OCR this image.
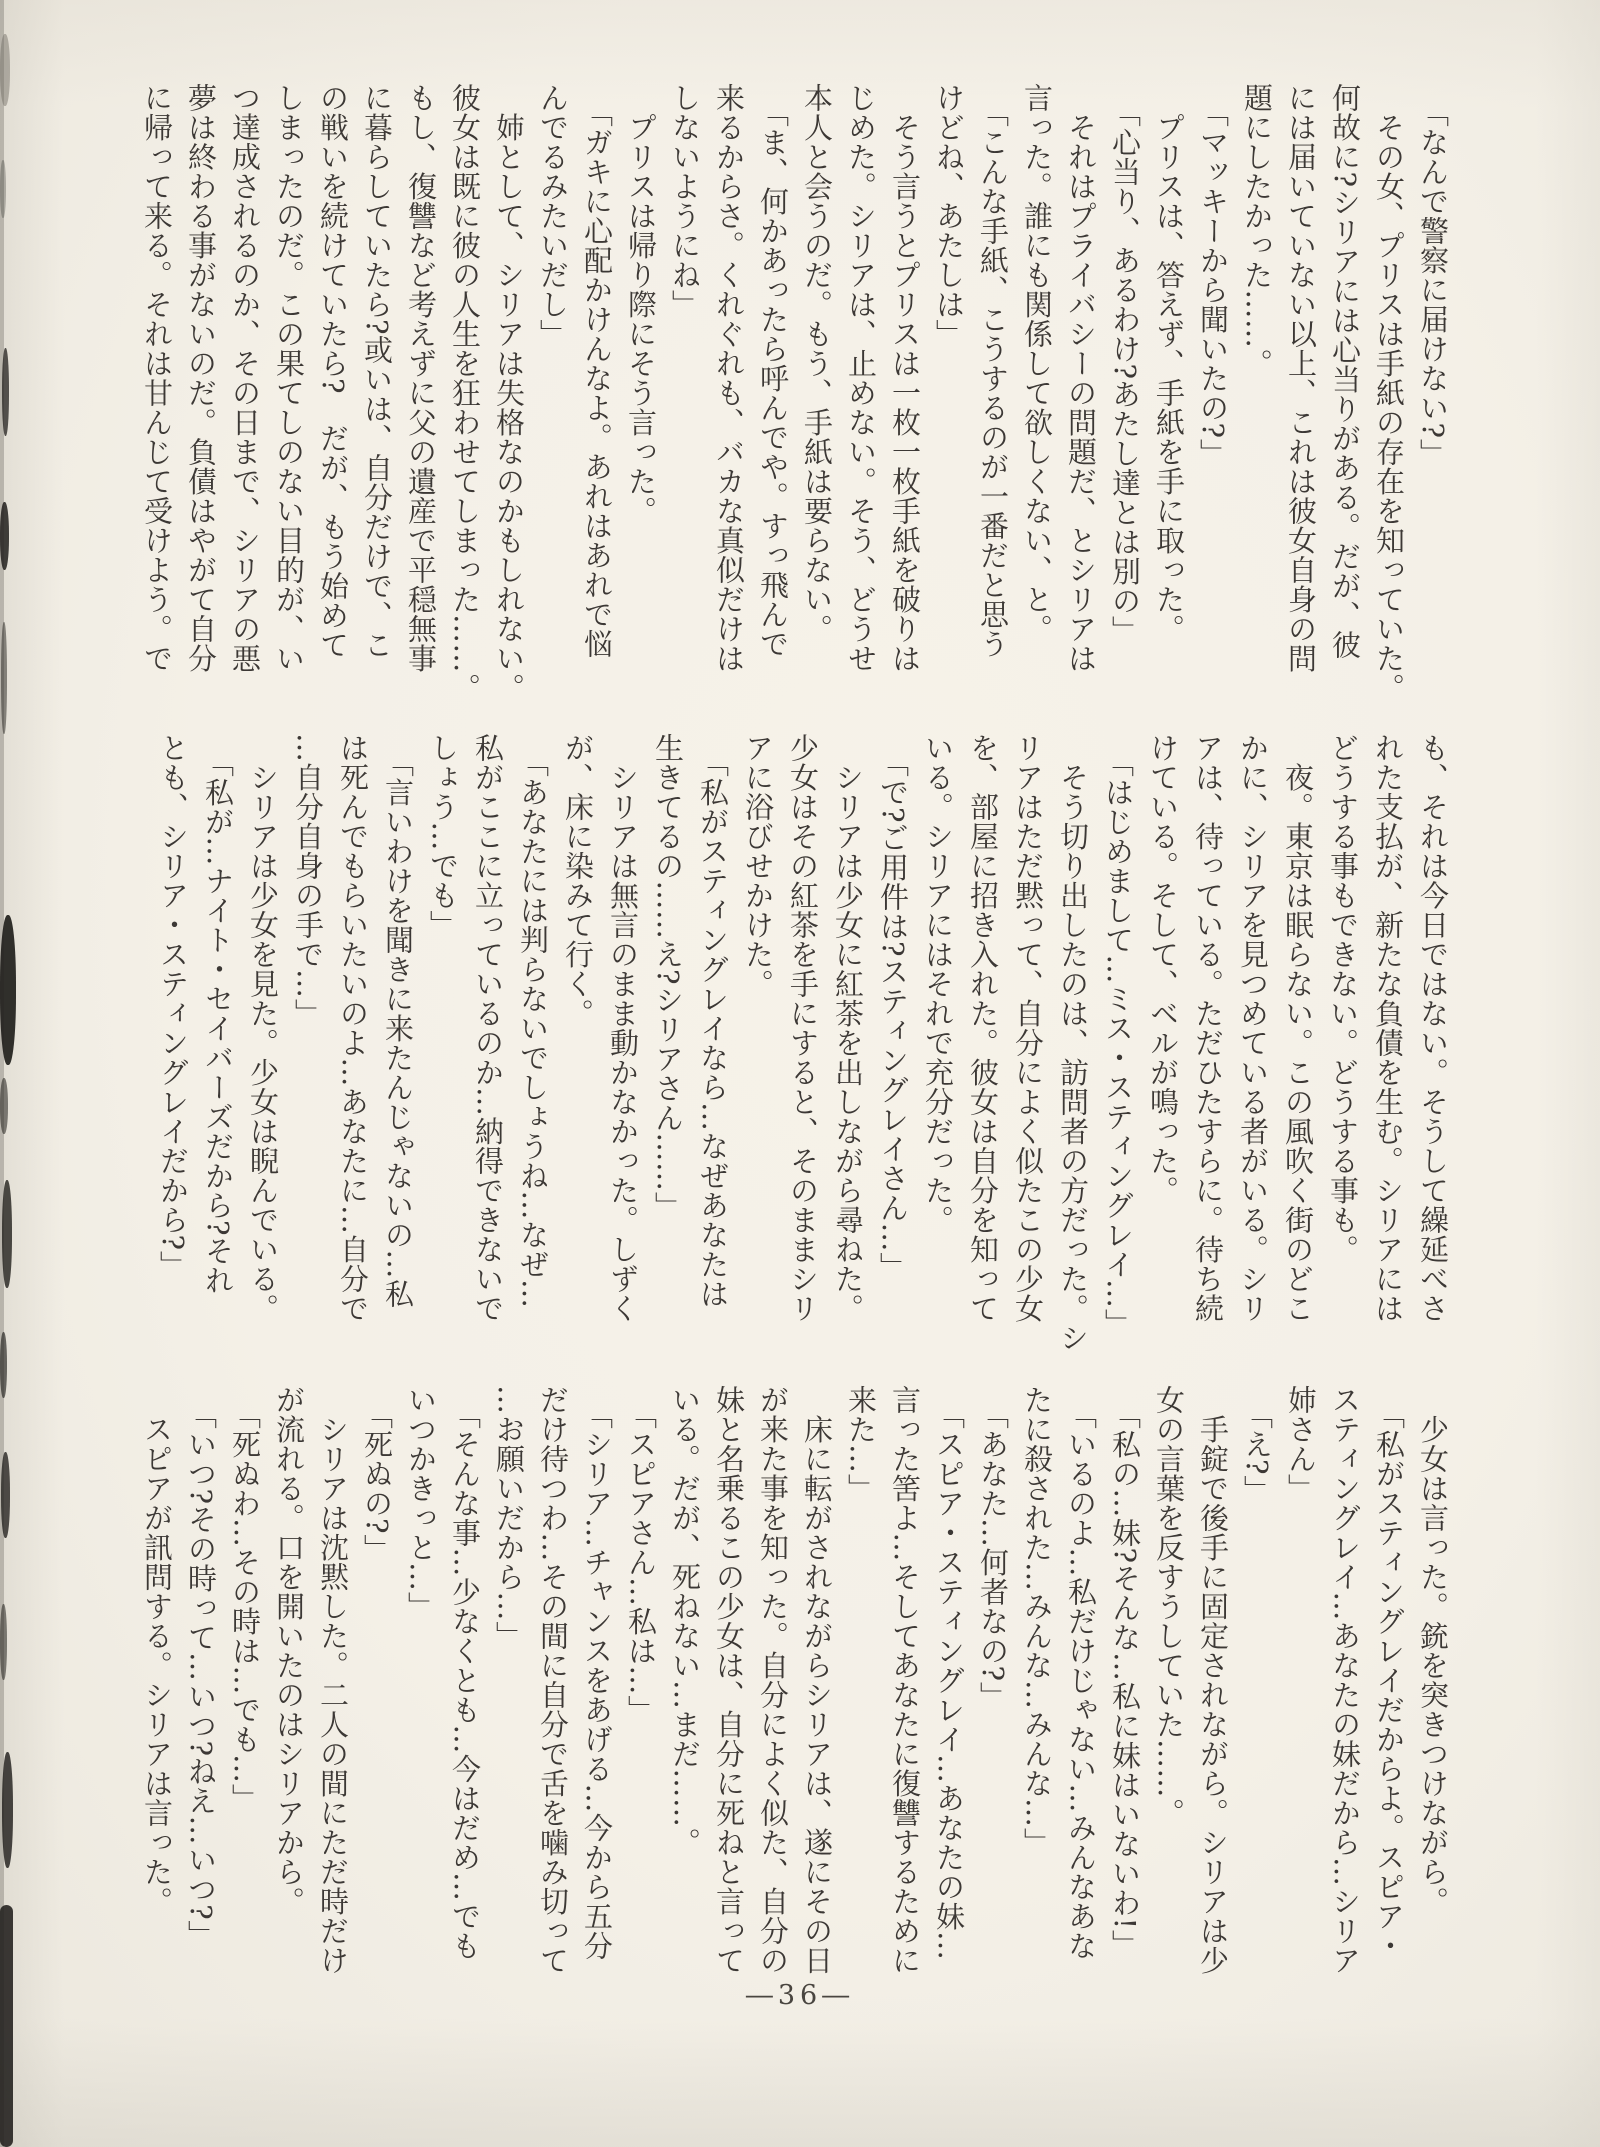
　「なんで警察に届けない?」

　その女、プリスは手紙の存在を知っていた。

何故に?シリアには心当りがある。だが、彼

には届いていない以上、これは彼女自身の問

題にしたかった……。

　「マッキーから聞いたの?」

　プリスは、答えず、手紙を手に取った。

　「心当り、あるわけ?あたし達とは別の」

　それはプライバシーの問題だ、とシリアは

言った。誰にも関係して欲しくない、と。

　「こんな手紙、こうするのが一番だと思う

けどね、あたしは」

　そう言うとプリスは一枚一枚手紙を破りは

じめた。シリアは、止めない。そう、どうせ

本人と会うのだ。もう、手紙は要らない。

　「ま、何かあったら呼んでや。すっ飛んで

来るからさ。くれぐれも、バカな真似だけは

しないようにね」

　プリスは帰り際にそう言った。

　「ガキに心配かけんなよ。あれはあれで悩

んでるみたいだし」

　姉として、シリアは失格なのかもしれない。

彼女は既に彼の人生を狂わせてしまった……。

もし、復讐など考えずに父の遺産で平穏無事

に暮らしていたら?或いは、自分だけで、こ

の戦いを続けていたら?　だが、もう始めて

しまったのだ。この果てしのない目的が、い

つ達成されるのか、その日まで、シリアの悪

夢は終わる事がないのだ。負債はやがて自分

に帰って来る。それは甘んじて受けよう。で

も、それは今日ではない。そうして繰延べさ

れた支払が、新たな負債を生む。シリアには

どうする事もできない。どうする事も。

　夜。東京は眠らない。この風吹く街のどこ

かに、シリアを見つめている者がいる。シリ

アは、待っている。ただひたすらに。待ち続

けている。そして、ベルが鳴った。

　「はじめまして…ミス・スティングレイ…」

　そう切り出したのは、訪問者の方だった。シ

リアはただ黙って、自分によく似たこの少女

を、部屋に招き入れた。彼女は自分を知って

いる。シリアにはそれで充分だった。

　「で?ご用件は?スティングレイさん…」

　シリアは少女に紅茶を出しながら尋ねた。

少女はその紅茶を手にすると、そのままシリ

アに浴びせかけた。

　「私がスティングレイなら…なぜあなたは

生きてるの……え?シリアさん……」

　シリアは無言のまま動かなかった。しずく

が、床に染みて行く。

　「あなたには判らないでしょうね…なぜ…

私がここに立っているのか…納得できないで

しょう…でも」

　「言いわけを聞きに来たんじゃないの…私

は死んでもらいたいのよ…あなたに…自分で

…自分自身の手で…」

　シリアは少女を見た。少女は睨んでいる。

　「私が…ナイト・セイバーズだから?それ

とも、シリア・スティングレイだから?」

　少女は言った。銃を突きつけながら。

　「私がスティングレイだからよ。スピア・

スティングレイ…あなたの妹だから…シリア

姉さん」

　「え?」

　手錠で後手に固定されながら。シリアは少

女の言葉を反すうしていた……。

　「私の…妹?そんな…私に妹はいないわ!」

　「いるのよ…私だけじゃない…みんなあな

たに殺された…みんな…みんな…」

　「あなた…何者なの?」

　「スピア・スティングレイ…あなたの妹…

言った筈よ…そしてあなたに復讐するために

来た…」

　床に転がされながらシリアは、遂にその日

が来た事を知った。自分によく似た、自分の

妹と名乗るこの少女は、自分に死ねと言って

いる。だが、死ねない…まだ……。

　「スピアさん…私は…」

　「シリア…チャンスをあげる…今から五分

だけ待つわ…その間に自分で舌を噛み切って

…お願いだから…」

　「そんな事…少なくとも…今はだめ…でも

いつかきっと…」

　「死ぬの?」

　シリアは沈黙した。二人の間にただ時だけ

が流れる。口を開いたのはシリアから。

　「死ぬわ…その時は…でも…」

　「いつ?その時って…いつ?ねえ…いつ?」

　スピアが訊問する。シリアは言った。

―36―
